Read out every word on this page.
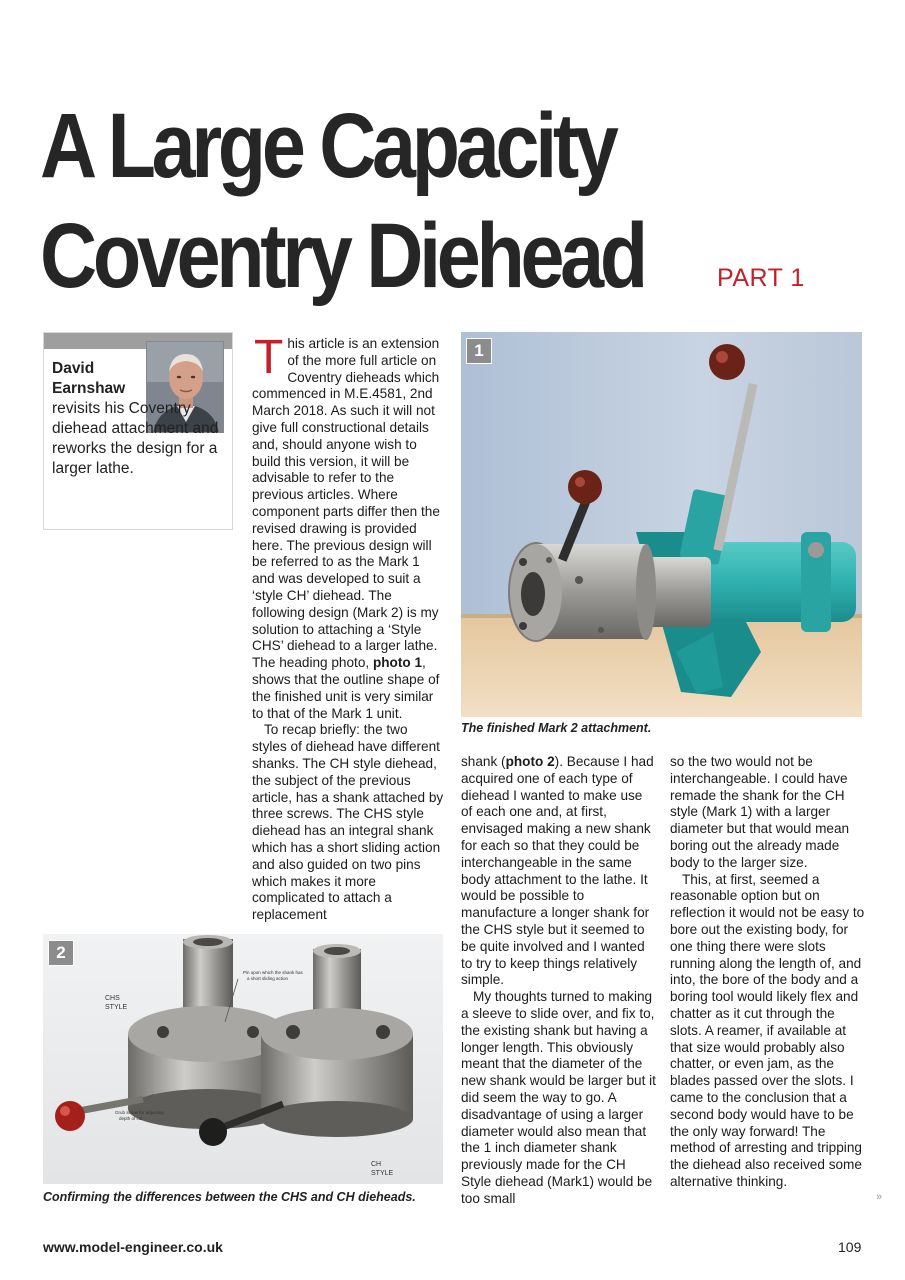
A Large Capacity
Coventry Diehead	PART 1
David
Earnshaw
revisits his Coventry diehead attachment and reworks the design for a larger lathe.

This article is an extension of the more full article on Coventry dieheads which commenced in M.E.4581, 2nd March 2018. As such it will not give full constructional details and, should anyone wish to build this version, it will be advisable to refer to the previous articles. Where component parts differ then the revised drawing is provided here. The previous design will be referred to as the Mark 1 and was developed to suit a ‘style CH’ diehead. The following design (Mark 2) is my solution to attaching a ‘Style CHS’ diehead to a larger lathe. The heading photo, photo 1, shows that the outline shape of the finished unit is very similar to that of the Mark 1 unit.

To recap briefly: the two styles of diehead have different shanks. The CH style diehead, the subject of the previous article, has a shank attached by three screws. The CHS style diehead has an integral shank which has a short sliding action and also guided on two pins which makes it more complicated to attach a replacement

1
The finished Mark 2 attachment.

shank (photo 2). Because I had acquired one of each type of diehead I wanted to make use of each one and, at first, envisaged making a new shank for each so that they could be interchangeable in the same body attachment to the lathe. It would be possible to manufacture a longer shank for the CHS style but it seemed to be quite involved and I wanted to try to keep things relatively simple.

My thoughts turned to making a sleeve to slide over, and fix to, the existing shank but having a longer length. This obviously meant that the diameter of the new shank would be larger but it did seem the way to go. A disadvantage of using a larger diameter would also mean that the 1 inch diameter shank previously made for the CH Style diehead (Mark1) would be too small

so the two would not be interchangeable. I could have remade the shank for the CH style (Mark 1) with a larger diameter but that would mean boring out the already made body to the larger size.

This, at first, seemed a reasonable option but on reflection it would not be easy to bore out the existing body, for one thing there were slots running along the length of, and into, the bore of the body and a boring tool would likely flex and chatter as it cut through the slots. A reamer, if available at that size would probably also chatter, or even jam, as the blades passed over the slots. I came to the conclusion that a second body would have to be the only way forward! The method of arresting and tripping the diehead also received some alternative thinking.

CHS
STYLE
CH
STYLE
Pin upon which the shank has
a short sliding action
Grub screw for adjusting
depth of cut
2
Confirming the differences between the CHS and CH dieheads.	»
www.model-engineer.co.uk	109
